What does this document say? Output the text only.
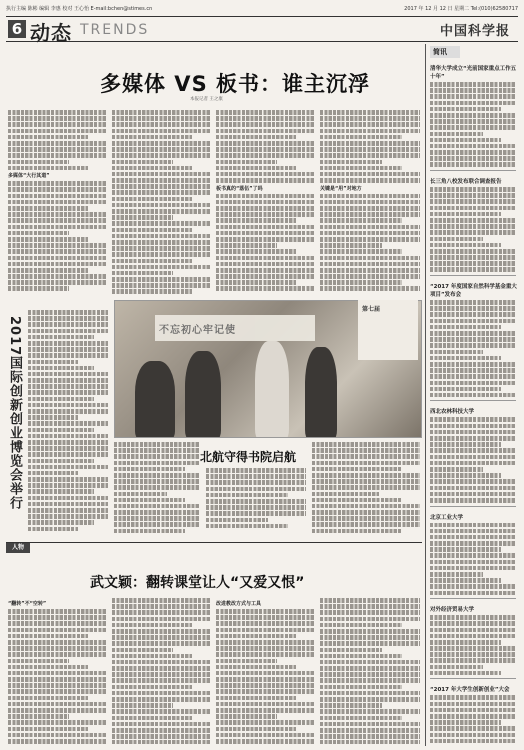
执行主编 陈彬 编辑 李惠 校对 王心怡 E-mail:bchen@stimes.cn	2017 年 12 月 12 日 星期二 Tel:(010)62580717
6 动态 TRENDS	中国科学报
多媒体 VS 板书：谁主沉浮
本报记者 王之康
多媒体“大行其道”
板书真的“落伍”了吗	关键是“用”对地方
2017国际创新创业博览会举行	不忘初心牢记使
第七届
北航守得书院启航
人物
武文颖：翻转课堂让人“又爱又恨”
“翻转”不“空转”	改进教改方式与工具
简讯
清华大学成立“光前国家重点工作五十年”
长三角八校发布联合调查报告
“2017 年度国家自然科学基金重大项目”发布会
西北农林科技大学
北京工业大学
对外经济贸易大学
“2017 年大学生创新创业”大会
